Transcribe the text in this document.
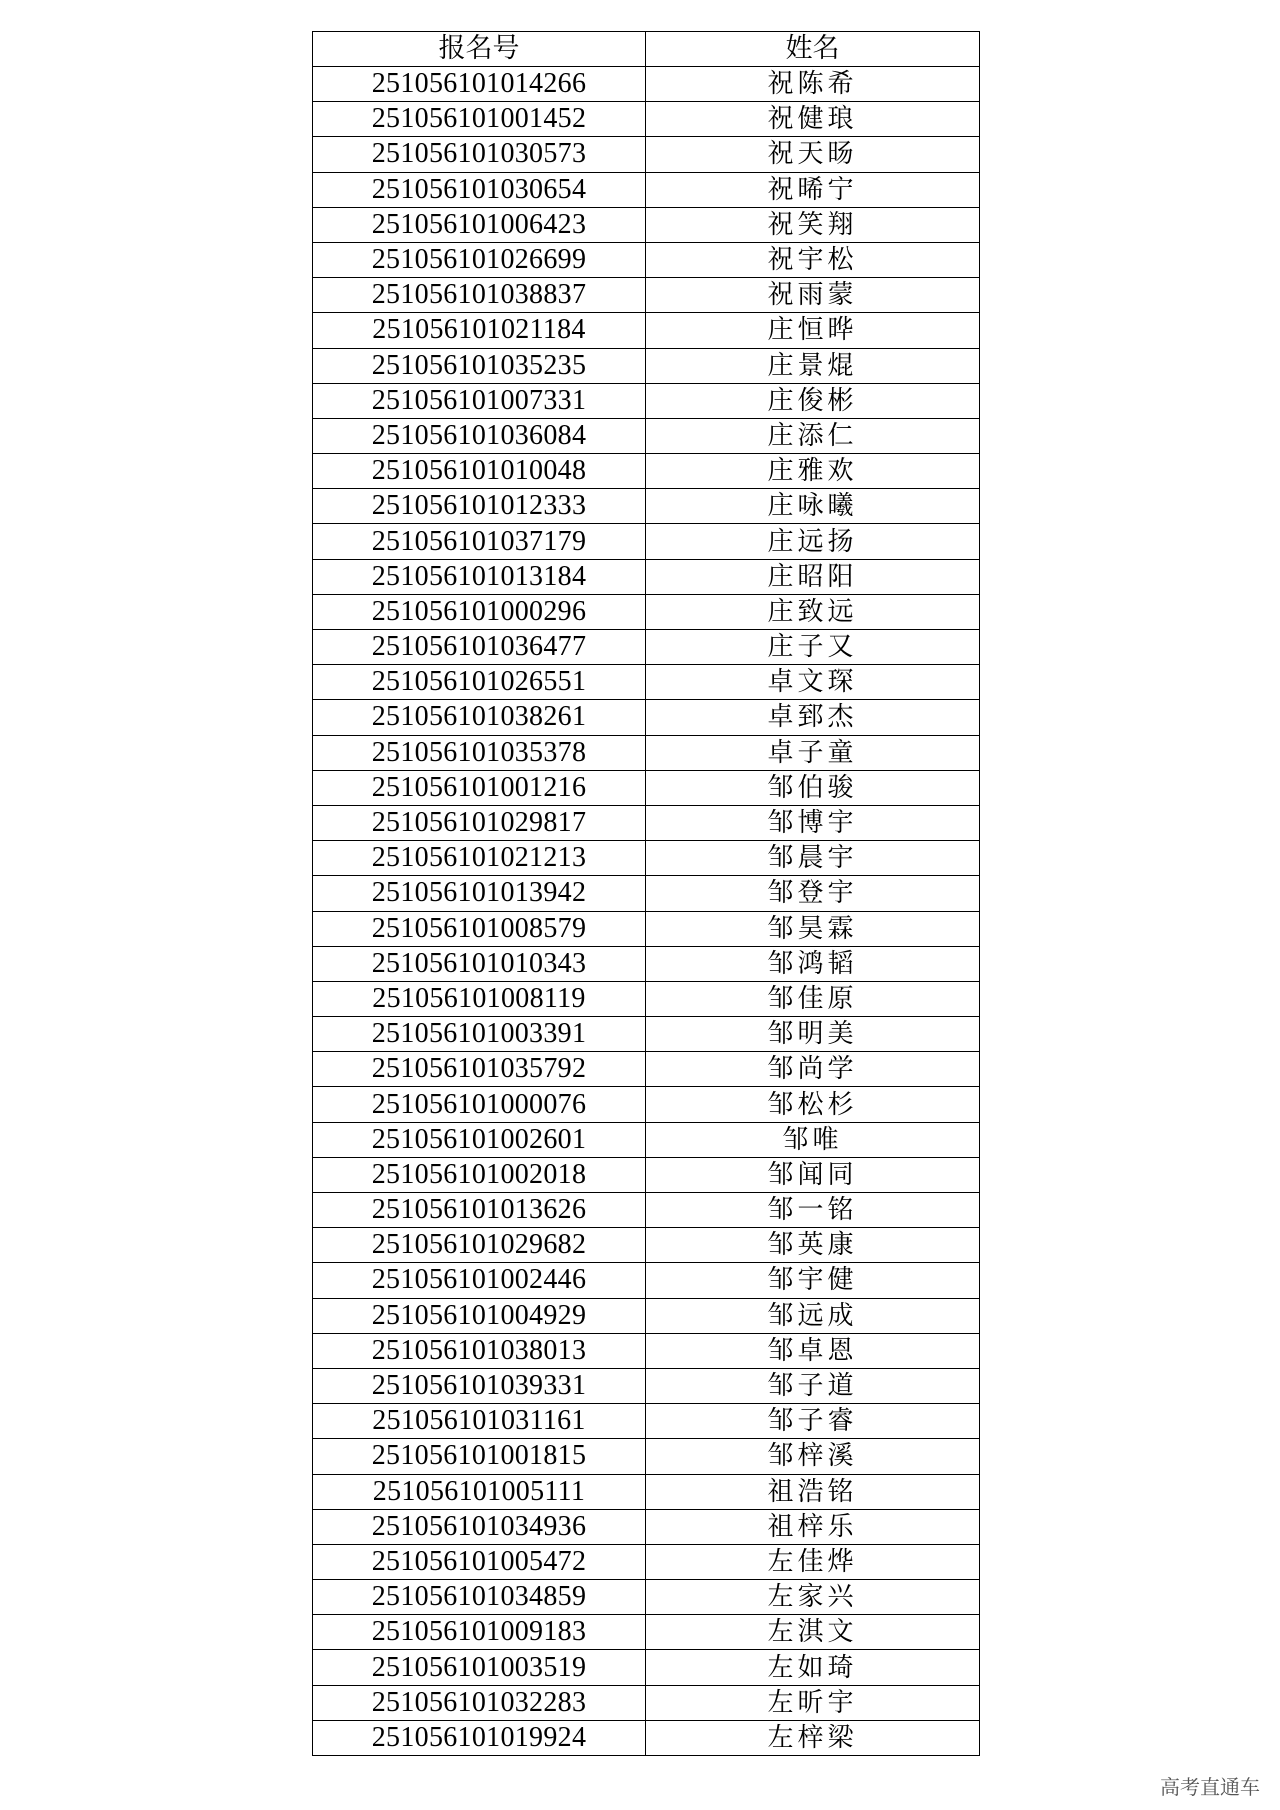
报名号	姓名
251056101014266	祝陈希
251056101001452	祝健琅
251056101030573	祝天旸
251056101030654	祝晞宁
251056101006423	祝笑翔
251056101026699	祝宇松
251056101038837	祝雨蒙
251056101021184	庄恒晔
251056101035235	庄景焜
251056101007331	庄俊彬
251056101036084	庄添仁
251056101010048	庄雅欢
251056101012333	庄咏曦
251056101037179	庄远扬
251056101013184	庄昭阳
251056101000296	庄致远
251056101036477	庄子又
251056101026551	卓文琛
251056101038261	卓郅杰
251056101035378	卓子童
251056101001216	邹伯骏
251056101029817	邹博宇
251056101021213	邹晨宇
251056101013942	邹登宇
251056101008579	邹昊霖
251056101010343	邹鸿韬
251056101008119	邹佳原
251056101003391	邹明美
251056101035792	邹尚学
251056101000076	邹松杉
251056101002601	邹唯
251056101002018	邹闻同
251056101013626	邹一铭
251056101029682	邹英康
251056101002446	邹宇健
251056101004929	邹远成
251056101038013	邹卓恩
251056101039331	邹子道
251056101031161	邹子睿
251056101001815	邹梓溪
251056101005111	祖浩铭
251056101034936	祖梓乐
251056101005472	左佳烨
251056101034859	左家兴
251056101009183	左淇文
251056101003519	左如琦
251056101032283	左昕宇
251056101019924	左梓梁
高考直通车
